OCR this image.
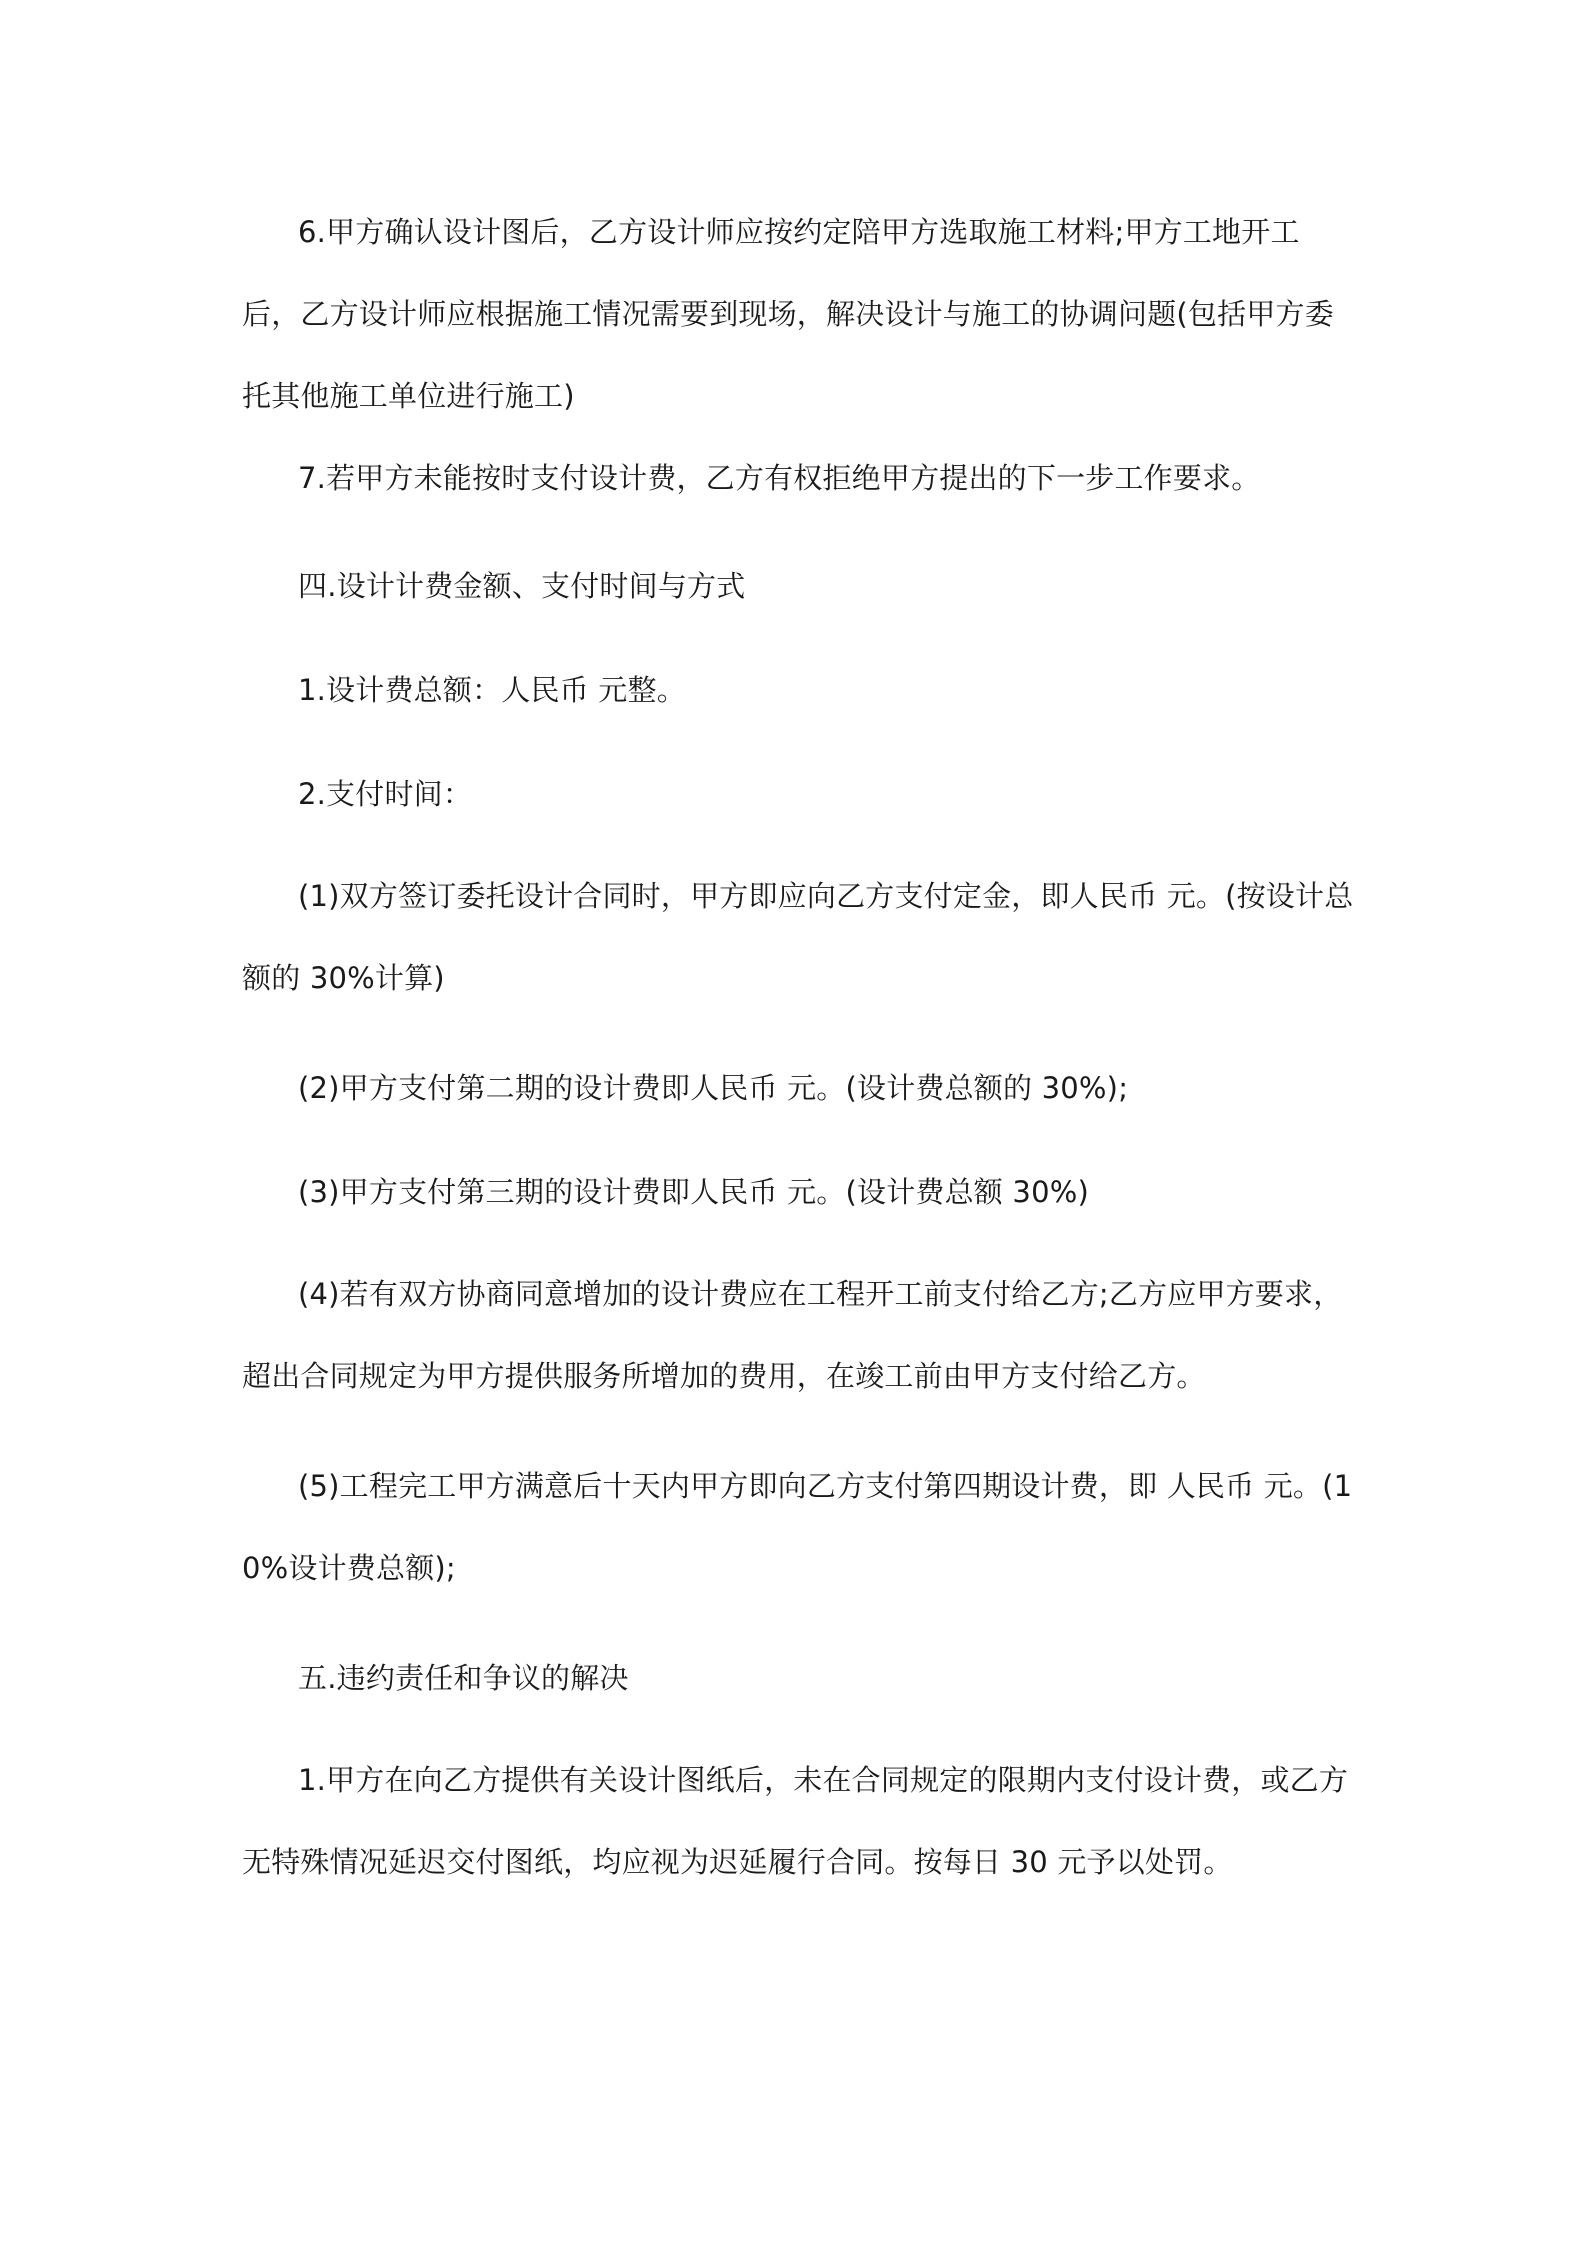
6.甲方确认设计图后，乙方设计师应按约定陪甲方选取施工材料;甲方工地开工后，乙方设计师应根据施工情况需要到现场，解决设计与施工的协调问题(包括甲方委托其他施工单位进行施工)

7.若甲方未能按时支付设计费，乙方有权拒绝甲方提出的下一步工作要求。

四.设计计费金额、支付时间与方式

1.设计费总额：人民币 元整。

2.支付时间：

(1)双方签订委托设计合同时，甲方即应向乙方支付定金，即人民币 元。(按设计总额的 30%计算)

(2)甲方支付第二期的设计费即人民币 元。(设计费总额的 30%);

(3)甲方支付第三期的设计费即人民币 元。(设计费总额 30%)

(4)若有双方协商同意增加的设计费应在工程开工前支付给乙方;乙方应甲方要求，超出合同规定为甲方提供服务所增加的费用，在竣工前由甲方支付给乙方。

(5)工程完工甲方满意后十天内甲方即向乙方支付第四期设计费，即 人民币 元。(10%设计费总额);

五.违约责任和争议的解决

1.甲方在向乙方提供有关设计图纸后，未在合同规定的限期内支付设计费，或乙方无特殊情况延迟交付图纸，均应视为迟延履行合同。按每日 30 元予以处罚。
